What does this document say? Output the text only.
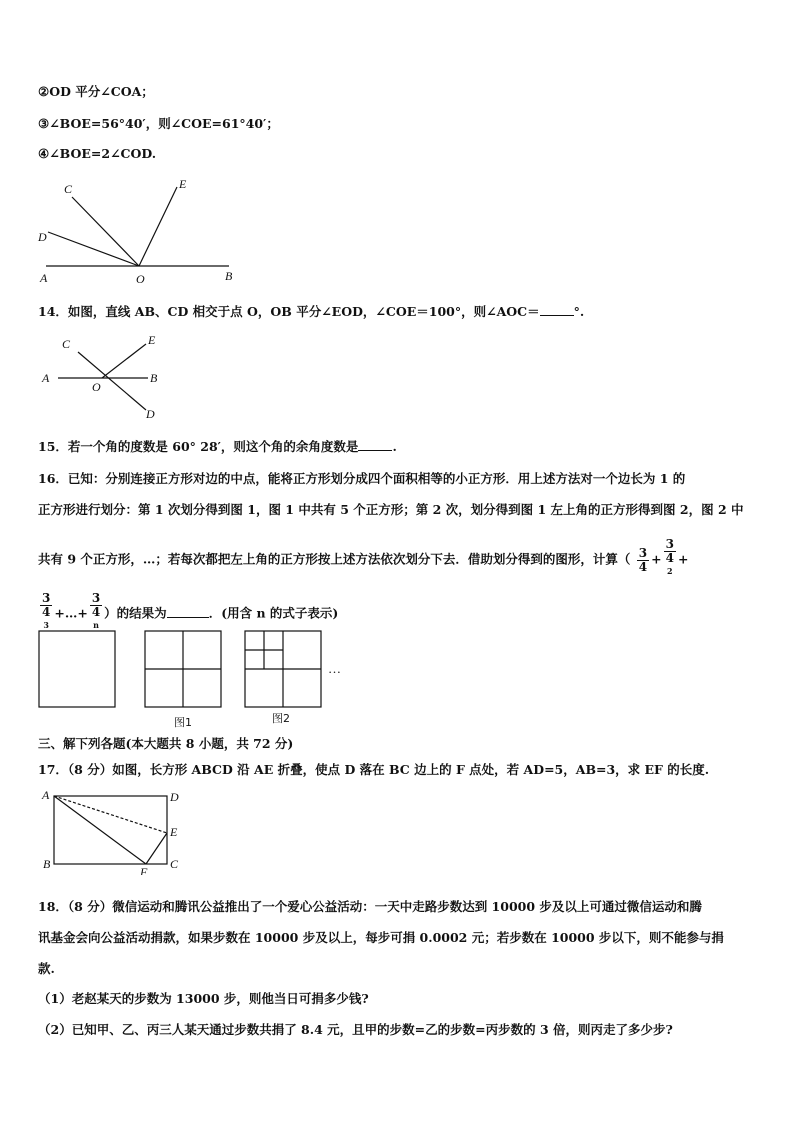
②OD 平分∠COA；
③∠BOE=56°40′，则∠COE=61°40′；
④∠BOE=2∠COD.
C	E
D
A	O	B
14．如图，直线 AB、CD 相交于点 O，OB 平分∠EOD，∠COE＝100°，则∠AOC＝	°.
C	E
A
O
B
D
15．若一个角的度数是 60° 28′，则这个角的余角度数是	.
16．已知：分别连接正方形对边的中点，能将正方形划分成四个面积相等的小正方形．用上述方法对一个边长为 1 的
正方形进行划分：第 1 次划分得到图 1，图 1 中共有 5 个正方形；第 2 次，划分得到图 1 左上角的正方形得到图 2，图 2 中
共有 9 个正方形，…；若每次都把左上角的正方形按上述方法依次划分下去．借助划分得到的图形，计算（ $\frac{3}{4} + 3$
4
$^2$ +
3
4
$^3$ +…+ 3
4
$^n$ ）的结果为	．(用含 n 的式子表示)
…
图1	图2
三、解下列各题(本大题共 8 小题，共 72 分)
17．（8 分）如图，长方形 ABCD 沿 AE 折叠，使点 D 落在 BC 边上的 F 点处，若 AD=5，AB=3，求 EF 的长度.
A	D
E
B
F
C
18．（8 分）微信运动和腾讯公益推出了一个爱心公益活动：一天中走路步数达到 10000 步及以上可通过微信运动和腾
讯基金会向公益活动捐款，如果步数在 10000 步及以上，每步可捐 0.0002 元；若步数在 10000 步以下，则不能参与捐
款.
（1）老赵某天的步数为 13000 步，则他当日可捐多少钱?
（2）已知甲、乙、丙三人某天通过步数共捐了 8.4 元，且甲的步数=乙的步数=丙步数的 3 倍，则丙走了多少步?
